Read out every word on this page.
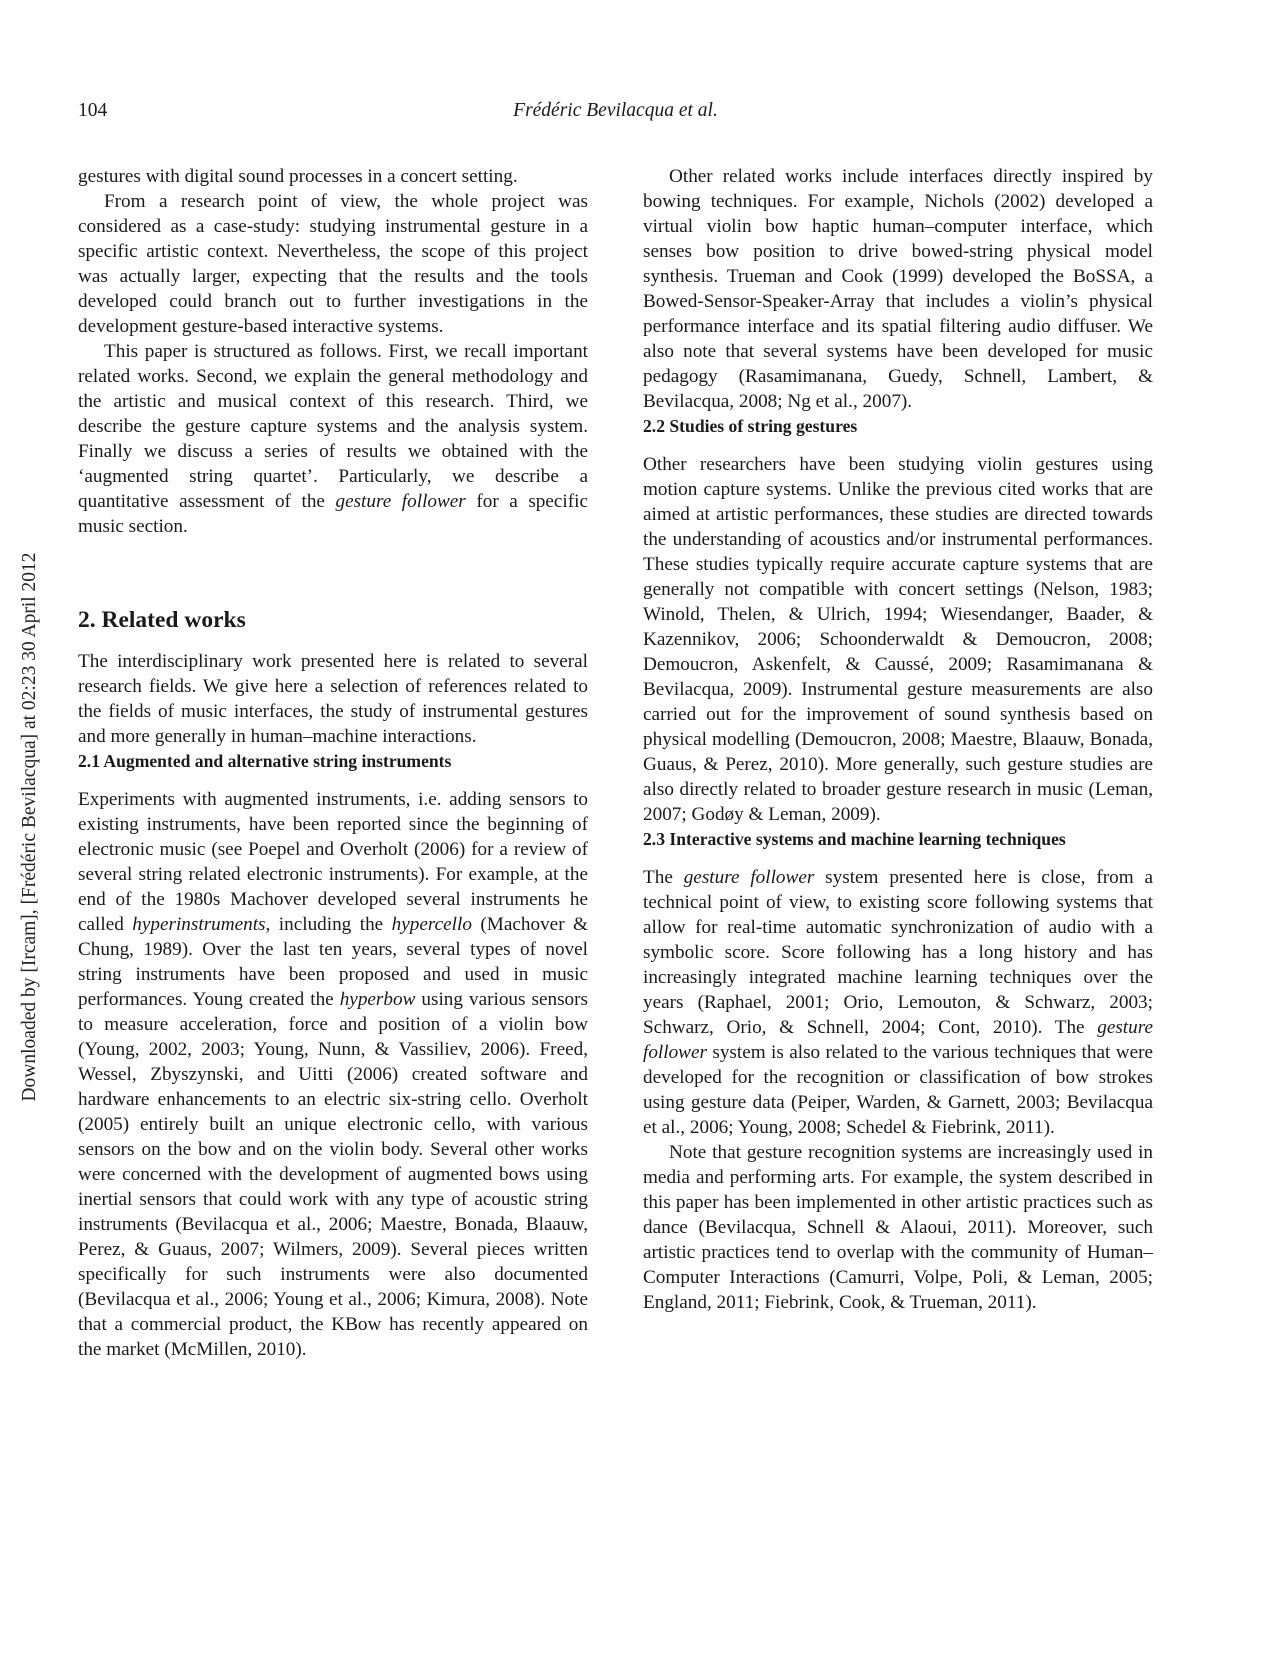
Downloaded by [Ircam], [Frédéric Bevilacqua] at 02:23 30 April 2012
104	Frédéric Bevilacqua et al.

gestures with digital sound processes in a concert setting.

From a research point of view, the whole project was considered as a case-study: studying instrumental gesture in a specific artistic context. Nevertheless, the scope of this project was actually larger, expecting that the results and the tools developed could branch out to further investigations in the development gesture-based interactive systems.

This paper is structured as follows. First, we recall important related works. Second, we explain the general methodology and the artistic and musical context of this research. Third, we describe the gesture capture systems and the analysis system. Finally we discuss a series of results we obtained with the ‘augmented string quartet’. Particularly, we describe a quantitative assessment of the gesture follower for a specific music section.

2. Related works

The interdisciplinary work presented here is related to several research fields. We give here a selection of references related to the fields of music interfaces, the study of instrumental gestures and more generally in human–machine interactions.

2.1 Augmented and alternative string instruments

Experiments with augmented instruments, i.e. adding sensors to existing instruments, have been reported since the beginning of electronic music (see Poepel and Overholt (2006) for a review of several string related electronic instruments). For example, at the end of the 1980s Machover developed several instruments he called hyperinstruments, including the hypercello (Machover & Chung, 1989). Over the last ten years, several types of novel string instruments have been proposed and used in music performances. Young created the hyperbow using various sensors to measure acceleration, force and position of a violin bow (Young, 2002, 2003; Young, Nunn, & Vassiliev, 2006). Freed, Wessel, Zbyszynski, and Uitti (2006) created software and hardware enhancements to an electric six-string cello. Overholt (2005) entirely built an unique electronic cello, with various sensors on the bow and on the violin body. Several other works were concerned with the development of augmented bows using inertial sensors that could work with any type of acoustic string instruments (Bevilacqua et al., 2006; Maestre, Bonada, Blaauw, Perez, & Guaus, 2007; Wilmers, 2009). Several pieces written specifically for such instruments were also documented (Bevilacqua et al., 2006; Young et al., 2006; Kimura, 2008). Note that a commercial product, the KBow has recently appeared on the market (McMillen, 2010).

Other related works include interfaces directly inspired by bowing techniques. For example, Nichols (2002) developed a virtual violin bow haptic human–computer interface, which senses bow position to drive bowed-string physical model synthesis. Trueman and Cook (1999) developed the BoSSA, a Bowed-Sensor-Speaker-Array that includes a violin’s physical performance interface and its spatial filtering audio diffuser. We also note that several systems have been developed for music pedagogy (Rasamimanana, Guedy, Schnell, Lambert, & Bevilacqua, 2008; Ng et al., 2007).

2.2 Studies of string gestures

Other researchers have been studying violin gestures using motion capture systems. Unlike the previous cited works that are aimed at artistic performances, these studies are directed towards the understanding of acoustics and/or instrumental performances. These studies typically require accurate capture systems that are generally not compatible with concert settings (Nelson, 1983; Winold, Thelen, & Ulrich, 1994; Wiesendanger, Baader, & Kazennikov, 2006; Schoonderwaldt & Demoucron, 2008; Demoucron, Askenfelt, & Caussé, 2009; Rasamimanana & Bevilacqua, 2009). Instrumental gesture measurements are also carried out for the improvement of sound synthesis based on physical modelling (Demoucron, 2008; Maestre, Blaauw, Bonada, Guaus, & Perez, 2010). More generally, such gesture studies are also directly related to broader gesture research in music (Leman, 2007; Godøy & Leman, 2009).

2.3 Interactive systems and machine learning techniques

The gesture follower system presented here is close, from a technical point of view, to existing score following systems that allow for real-time automatic synchronization of audio with a symbolic score. Score following has a long history and has increasingly integrated machine learning techniques over the years (Raphael, 2001; Orio, Lemouton, & Schwarz, 2003; Schwarz, Orio, & Schnell, 2004; Cont, 2010). The gesture follower system is also related to the various techniques that were developed for the recognition or classification of bow strokes using gesture data (Peiper, Warden, & Garnett, 2003; Bevilacqua et al., 2006; Young, 2008; Schedel & Fiebrink, 2011).

Note that gesture recognition systems are increasingly used in media and performing arts. For example, the system described in this paper has been implemented in other artistic practices such as dance (Bevilacqua, Schnell & Alaoui, 2011). Moreover, such artistic practices tend to overlap with the community of Human–Computer Interactions (Camurri, Volpe, Poli, & Leman, 2005; England, 2011; Fiebrink, Cook, & Trueman, 2011).
